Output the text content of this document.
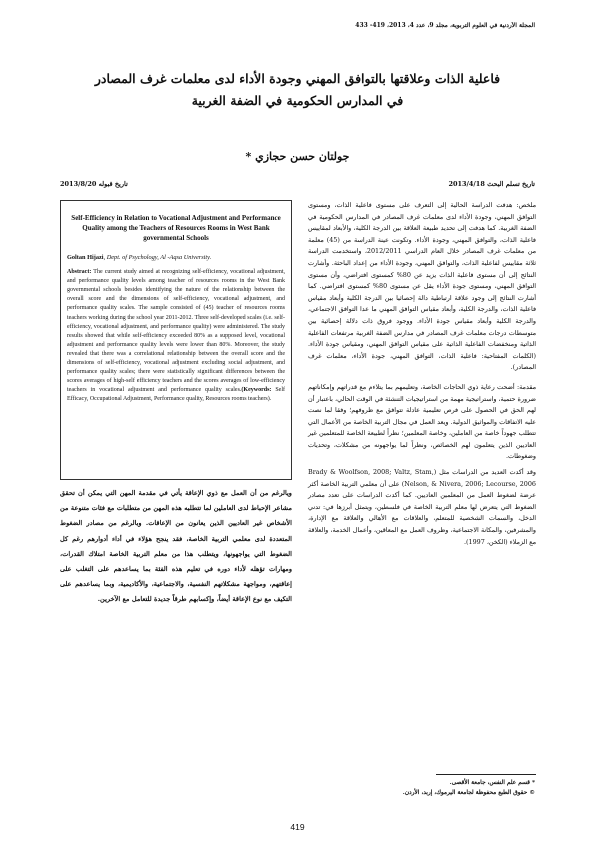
المجلة الأردنية في العلوم التربوية، مجلد 9، عدد 4، 2013، 419- 433
فاعلية الذات وعلاقتها بالتوافق المهني وجودة الأداء لدى معلمات غرف المصادر
في المدارس الحكومية في الضفة الغربية
جولتان حسن حجازي *
تاريخ تسلم البحث 2013/4/18
تاريخ قبوله 2013/8/20

ملخص: هدفت الدراسة الحالية إلى التعرف على مستوى فاعلية الذات، ومستوى التوافق المهني، وجودة الأداء لدى معلمات غرف المصادر في المدارس الحكومية في الضفة الغربية. كما هدفت إلى تحديد طبيعة العلاقة بين الدرجة الكلية، والأبعاد لمقاييس فاعلية الذات، والتوافق المهني، وجودة الأداء. وتكونت عينة الدراسة من (45) معلمة من معلمات غرف المصادر خلال العام الدراسي 2012/2011، واستخدمت الدراسة ثلاثة مقاييس لفاعلية الذات، والتوافق المهني، وجودة الأداء من إعداد الباحثة. وأشارت النتائج إلى أن مستوى فاعلية الذات يزيد عن 80% كمستوى افتراضي، وأن مستوى التوافق المهني، ومستوى جودة الأداء يقل عن مستوى 80% كمستوى افتراضي. كما أشارت النتائج إلى وجود علاقة ارتباطية دالة إحصائيا بين الدرجة الكلية وأبعاد مقياس فاعلية الذات، والدرجة الكلية، وأبعاد مقياس التوافق المهني ما عدا التوافق الاجتماعي، والدرجة الكلية وأبعاد مقياس جودة الأداء. ووجود فروق ذات دلالة إحصائية بين متوسطات درجات معلمات غرف المصادر في مدارس الضفة الغربية مرتفعات الفاعلية الذاتية ومنخفضات الفاعلية الذاتية على مقياس التوافق المهني، ومقياس جودة الأداء. (الكلمات المفتاحية: فاعلية الذات، التوافق المهني، جودة الأداء، معلمات غرف المصادر).

مقدمة: أضحت رعاية ذوي الحاجات الخاصة، وتعليمهم بما يتلاءم مع قدراتهم وإمكاناتهم ضرورة حتمية، واستراتيجية مهمة من استراتيجيات التنشئة في الوقت الحالي، باعتبار أن لهم الحق في الحصول على فرص تعليمية عادلة تتوافق مع ظروفهم؛ وفقا لما نصت عليه الاتفاقات والمواثيق الدولية. ويعد العمل في مجال التربية الخاصة من الأعمال التي تتطلب جهوداً خاصة من العاملين، وخاصة المعلمين؛ نظراً لطبيعة الخاصة للمتعلمين غير العاديين الذين يتعلمون لهم الخصائص، ونظراً لما يواجهونه من مشكلات، وتحديات وضغوطات.

وقد أكدت العديد من الدراسات مثل (Brady & Woolfson, 2008; Valtz, Stam, Nelson, & Nivera, 2006; Lecourse, 2006) على أن معلمي التربية الخاصة أكثر عرضة لضغوط العمل من المعلمين العاديين. كما أكدت الدراسات على تعدد مصادر الضغوط التي يتعرض لها معلم التربية الخاصة في فلسطين، ويتمثل أبرزها في: تدني الدخل، والسمات الشخصية للمتعلم، والعلاقات مع الأهالي والعلاقة مع الإدارة، والمشرفين، والمكانة الاجتماعية، وظروف العمل مع المعاقين، وأعمال الخدمة، والعلاقة مع الزملاء (الكخن، 1997).

Self-Efficiency in Relation to Vocational Adjustment and Performance Quality among the Teachers of Resources Rooms in West Bank governmental Schools
Goltan Hijazi, Dept. of Psychology, Al -Aqsa University.
Abstract: The current study aimed at recognizing self-efficiency, vocational adjustment, and performance quality levels among teacher of resources rooms in the West Bank governmental schools besides identifying the nature of the relationship between the overall score and the dimensions of self-efficiency, vocational adjustment, and performance quality scales. The sample consisted of (45) teacher of resources rooms teachers working during the school year 2011-2012. Three self-developed scales (i.e. self-efficiency, vocational adjustment, and performance quality) were administered. The study results showed that while self-efficiency exceeded 80% as a supposed level, vocational adjustment and performance quality levels were lower than 80%. Moreover, the study revealed that there was a correlational relationship between the overall score and the dimensions of self-efficiency, vocational adjustment excluding social adjustment, and performance quality scales; there were statistically significant differences between the scores averages of high-self efficiency teachers and the scores averages of low-efficiency teachers in vocational adjustment and performance quality scales.(Keywords: Self Efficacy, Occupational Adjustment, Performance quality, Resources rooms teachers).
ويالرغم من أن العمل مع ذوي الإعاقة يأتي في مقدمة المهن التي يمكن أن تحقق مشاعر الإحباط لدى العاملين لما تتطلبه هذه المهن من متطلبات مع فئات متنوعة من الأشخاص غير العاديين الذين يعانون من الإعاقات. وبالرغم من مصادر الضغوط المتعددة لدى معلمي التربية الخاصة، فقد ينجح هؤلاء في أداء أدوارهم رغم كل الضغوط التي يواجهونها، ويتطلب هذا من معلم التربية الخاصة امتلاك القدرات، ومهارات تؤهله لأداء دوره في تعليم هذه الفئة بما يساعدهم على التغلب على إعاقتهم، ومواجهة مشكلاتهم النفسية، والاجتماعية، والأكاديمية، وبما يساعدهم على التكيف مع نوع الإعاقة أيضاً، وإكسابهم طرقاً جديدة للتعامل مع الآخرين.
* قسم علم النفس، جامعة الأقصى.
© حقوق الطبع محفوظة لجامعة اليرموك، إربد، الأردن.
419
